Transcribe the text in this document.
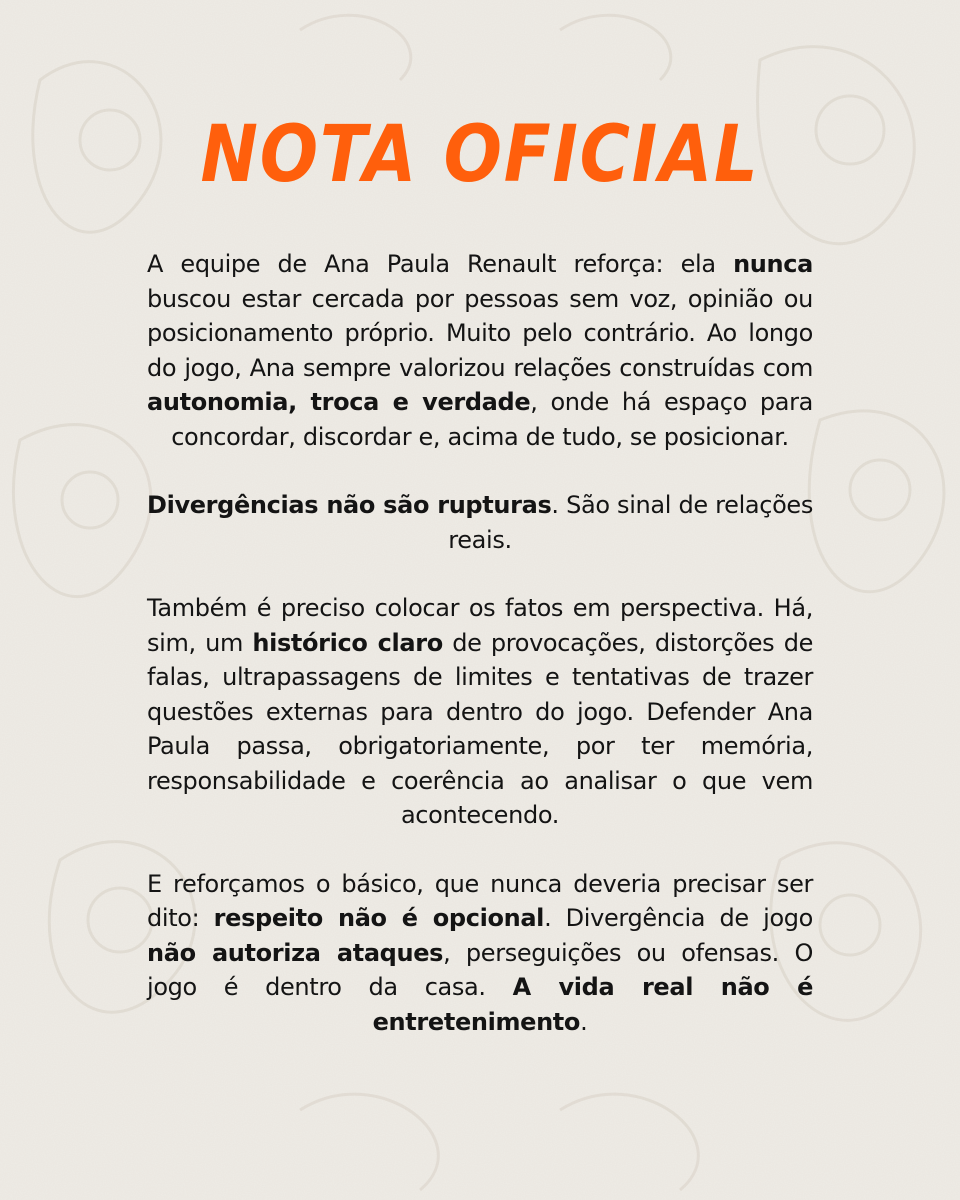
NOTA OFICIAL

A equipe de Ana Paula Renault reforça: ela nunca buscou estar cercada por pessoas sem voz, opinião ou posicionamento próprio. Muito pelo contrário. Ao longo do jogo, Ana sempre valorizou relações construídas com autonomia, troca e verdade, onde há espaço para concordar, discordar e, acima de tudo, se posicionar.

Divergências não são rupturas. São sinal de relações reais.

Também é preciso colocar os fatos em perspectiva. Há, sim, um histórico claro de provocações, distorções de falas, ultrapassagens de limites e tentativas de trazer questões externas para dentro do jogo. Defender Ana Paula passa, obrigatoriamente, por ter memória, responsabilidade e coerência ao analisar o que vem acontecendo.

E reforçamos o básico, que nunca deveria precisar ser dito: respeito não é opcional. Divergência de jogo não autoriza ataques, perseguições ou ofensas. O jogo é dentro da casa. A vida real não é entretenimento.
